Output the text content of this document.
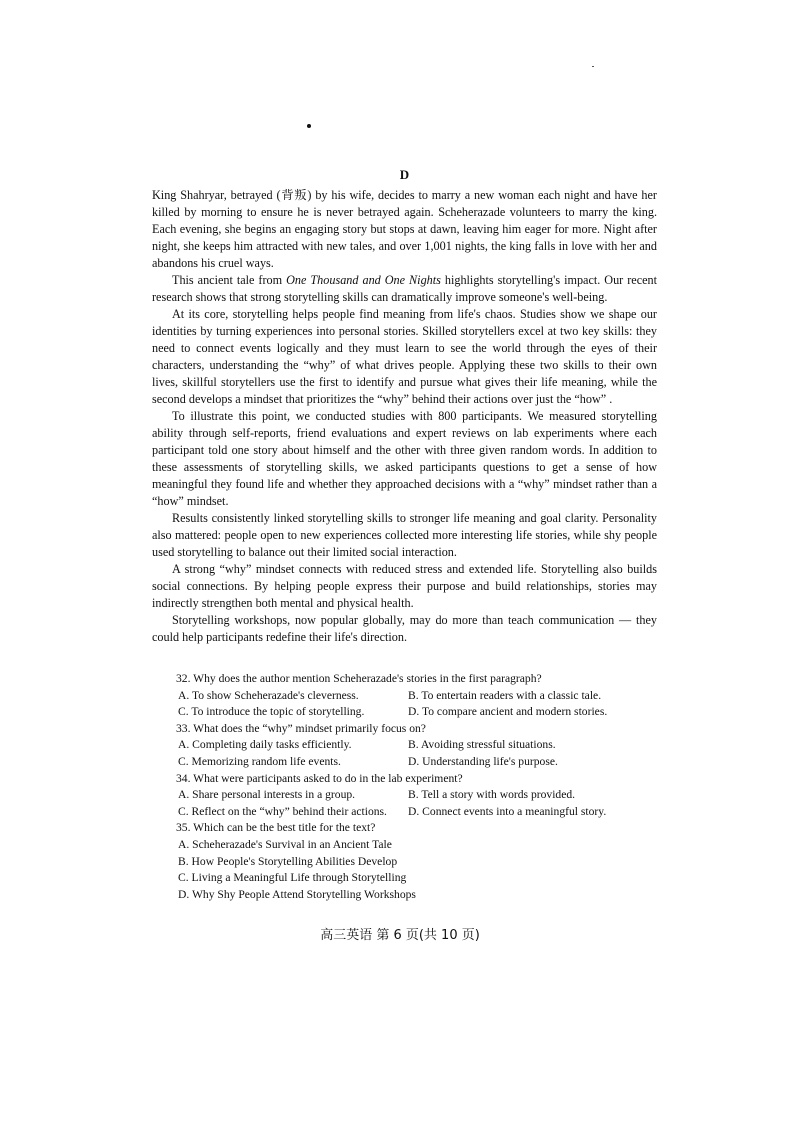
D

King Shahryar, betrayed (背叛) by his wife, decides to marry a new woman each night and have her killed by morning to ensure he is never betrayed again. Scheherazade volunteers to marry the king. Each evening, she begins an engaging story but stops at dawn, leaving him eager for more. Night after night, she keeps him attracted with new tales, and over 1,001 nights, the king falls in love with her and abandons his cruel ways.

This ancient tale from One Thousand and One Nights highlights storytelling's impact. Our recent research shows that strong storytelling skills can dramatically improve someone's well-being.

At its core, storytelling helps people find meaning from life's chaos. Studies show we shape our identities by turning experiences into personal stories. Skilled storytellers excel at two key skills: they need to connect events logically and they must learn to see the world through the eyes of their characters, understanding the “why” of what drives people. Applying these two skills to their own lives, skillful storytellers use the first to identify and pursue what gives their life meaning, while the second develops a mindset that prioritizes the “why” behind their actions over just the “how” .

To illustrate this point, we conducted studies with 800 participants. We measured storytelling ability through self-reports, friend evaluations and expert reviews on lab experiments where each participant told one story about himself and the other with three given random words. In addition to these assessments of storytelling skills, we asked participants questions to get a sense of how meaningful they found life and whether they approached decisions with a “why” mindset rather than a “how” mindset.

Results consistently linked storytelling skills to stronger life meaning and goal clarity. Personality also mattered: people open to new experiences collected more interesting life stories, while shy people used storytelling to balance out their limited social interaction.

A strong “why” mindset connects with reduced stress and extended life. Storytelling also builds social connections. By helping people express their purpose and build relationships, stories may indirectly strengthen both mental and physical health.

Storytelling workshops, now popular globally, may do more than teach communication — they could help participants redefine their life's direction.

32. Why does the author mention Scheherazade's stories in the first paragraph?
A. To show Scheherazade's cleverness.	B. To entertain readers with a classic tale.
C. To introduce the topic of storytelling.	D. To compare ancient and modern stories.
33. What does the “why” mindset primarily focus on?
A. Completing daily tasks efficiently.	B. Avoiding stressful situations.
C. Memorizing random life events.	D. Understanding life's purpose.
34. What were participants asked to do in the lab experiment?
A. Share personal interests in a group.	B. Tell a story with words provided.
C. Reflect on the “why” behind their actions.	D. Connect events into a meaningful story.
35. Which can be the best title for the text?
A. Scheherazade's Survival in an Ancient Tale
B. How People's Storytelling Abilities Develop
C. Living a Meaningful Life through Storytelling
D. Why Shy People Attend Storytelling Workshops
高三英语 第 6 页(共 10 页)
